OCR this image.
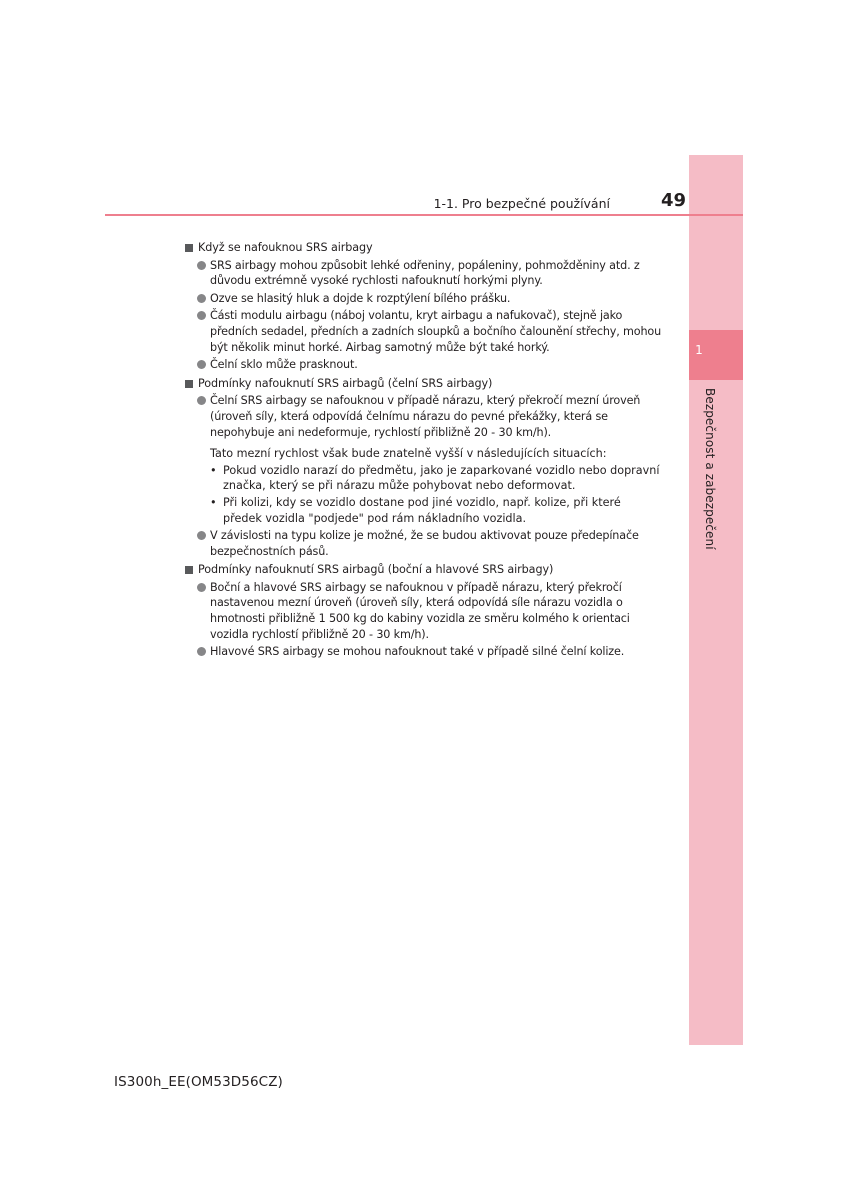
1
Bezpečnost a zabezpečení
1-1. Pro bezpečné používání	49
Když se nafouknou SRS airbagy
SRS airbagy mohou způsobit lehké odřeniny, popáleniny, pohmožděniny atd. z důvodu extrémně vysoké rychlosti nafouknutí horkými plyny.
Ozve se hlasitý hluk a dojde k rozptýlení bílého prášku.
Části modulu airbagu (náboj volantu, kryt airbagu a nafukovač), stejně jako předních sedadel, předních a zadních sloupků a bočního čalounění střechy, mohou být několik minut horké. Airbag samotný může být také horký.
Čelní sklo může prasknout.
Podmínky nafouknutí SRS airbagů (čelní SRS airbagy)
Čelní SRS airbagy se nafouknou v případě nárazu, který překročí mezní úroveň (úroveň síly, která odpovídá čelnímu nárazu do pevné překážky, která se nepohybuje ani nedeformuje, rychlostí přibližně 20 - 30 km/h).
Tato mezní rychlost však bude znatelně vyšší v následujících situacích:
• Pokud vozidlo narazí do předmětu, jako je zaparkované vozidlo nebo dopravní značka, který se při nárazu může pohybovat nebo deformovat.
• Při kolizi, kdy se vozidlo dostane pod jiné vozidlo, např. kolize, při které předek vozidla "podjede" pod rám nákladního vozidla.
V závislosti na typu kolize je možné, že se budou aktivovat pouze předepínače bezpečnostních pásů.
Podmínky nafouknutí SRS airbagů (boční a hlavové SRS airbagy)
Boční a hlavové SRS airbagy se nafouknou v případě nárazu, který překročí nastavenou mezní úroveň (úroveň síly, která odpovídá síle nárazu vozidla o hmotnosti přibližně 1 500 kg do kabiny vozidla ze směru kolmého k orientaci vozidla rychlostí přibližně 20 - 30 km/h).
Hlavové SRS airbagy se mohou nafouknout také v případě silné čelní kolize.
IS300h_EE(OM53D56CZ)
